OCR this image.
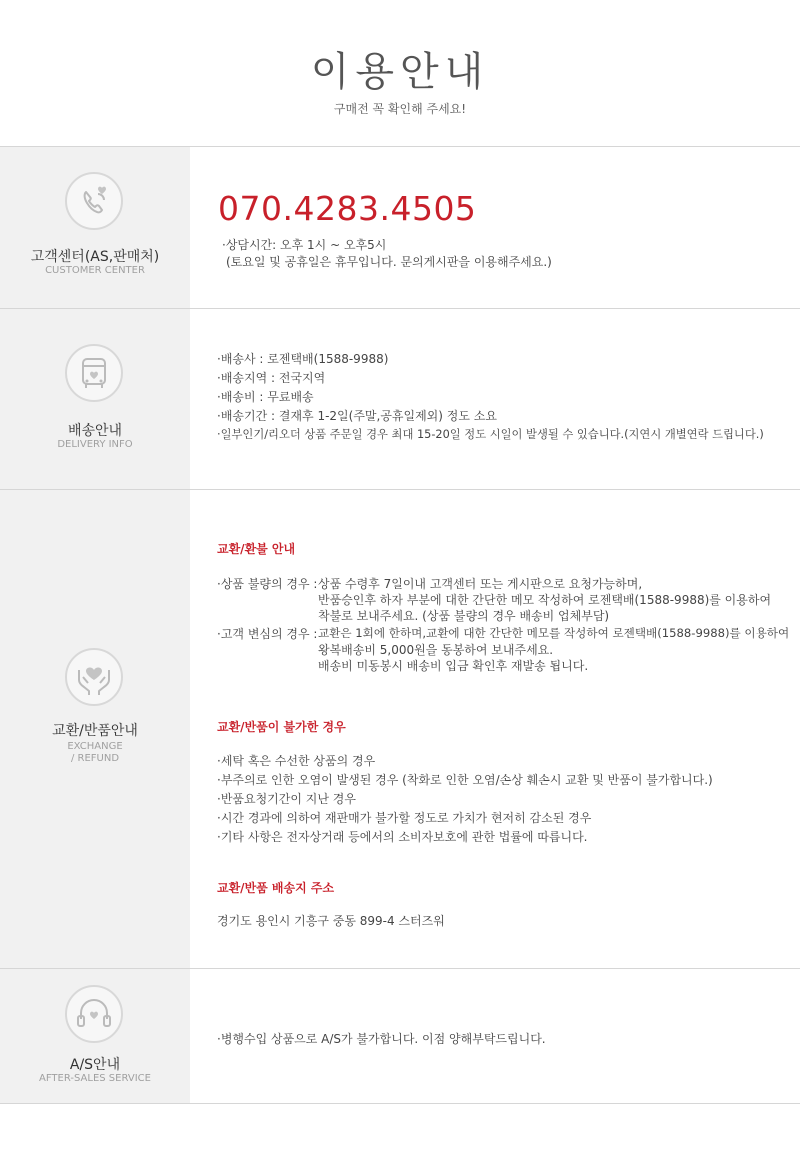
이용안내
구매전 꼭 확인해 주세요!
고객센터(AS,판매처)
CUSTOMER CENTER
070.4283.4505
·상담시간: 오후 1시 ~ 오후5시
(토요일 및 공휴일은 휴무입니다. 문의게시판을 이용해주세요.)
배송안내
DELIVERY INFO
·배송사 : 로젠택배(1588-9988)
·배송지역 : 전국지역
·배송비 : 무료배송
·배송기간 : 결재후 1-2일(주말,공휴일제외) 정도 소요
·일부인기/리오더 상품 주문일 경우 최대 15-20일 정도 시일이 발생될 수 있습니다.(지연시 개별연락 드립니다.)
교환/반품안내
EXCHANGE
/ REFUND
교환/환불 안내
·상품 불량의 경우 : 상품 수령후 7일이내 고객센터 또는 게시판으로 요청가능하며,
반품승인후 하자 부분에 대한 간단한 메모 작성하여 로젠택배(1588-9988)를 이용하여
착불로 보내주세요. (상품 불량의 경우 배송비 업체부담)
·고객 변심의 경우 : 교환은 1회에 한하며,교환에 대한 간단한 메모를 작성하여 로젠택배(1588-9988)를 이용하여
왕복배송비 5,000원을 동봉하여 보내주세요.
배송비 미동봉시 배송비 입금 확인후 재발송 됩니다.
교환/반품이 불가한 경우
·세탁 혹은 수선한 상품의 경우
·부주의로 인한 오염이 발생된 경우 (착화로 인한 오염/손상 훼손시 교환 및 반품이 불가합니다.)
·반품요청기간이 지난 경우
·시간 경과에 의하여 재판매가 불가할 정도로 가치가 현저히 감소된 경우
·기타 사항은 전자상거래 등에서의 소비자보호에 관한 법률에 따릅니다.
교환/반품 배송지 주소
경기도 용인시 기흥구 중동 899-4 스터즈워
A/S안내
AFTER-SALES SERVICE
·병행수입 상품으로 A/S가 불가합니다. 이점 양해부탁드립니다.
